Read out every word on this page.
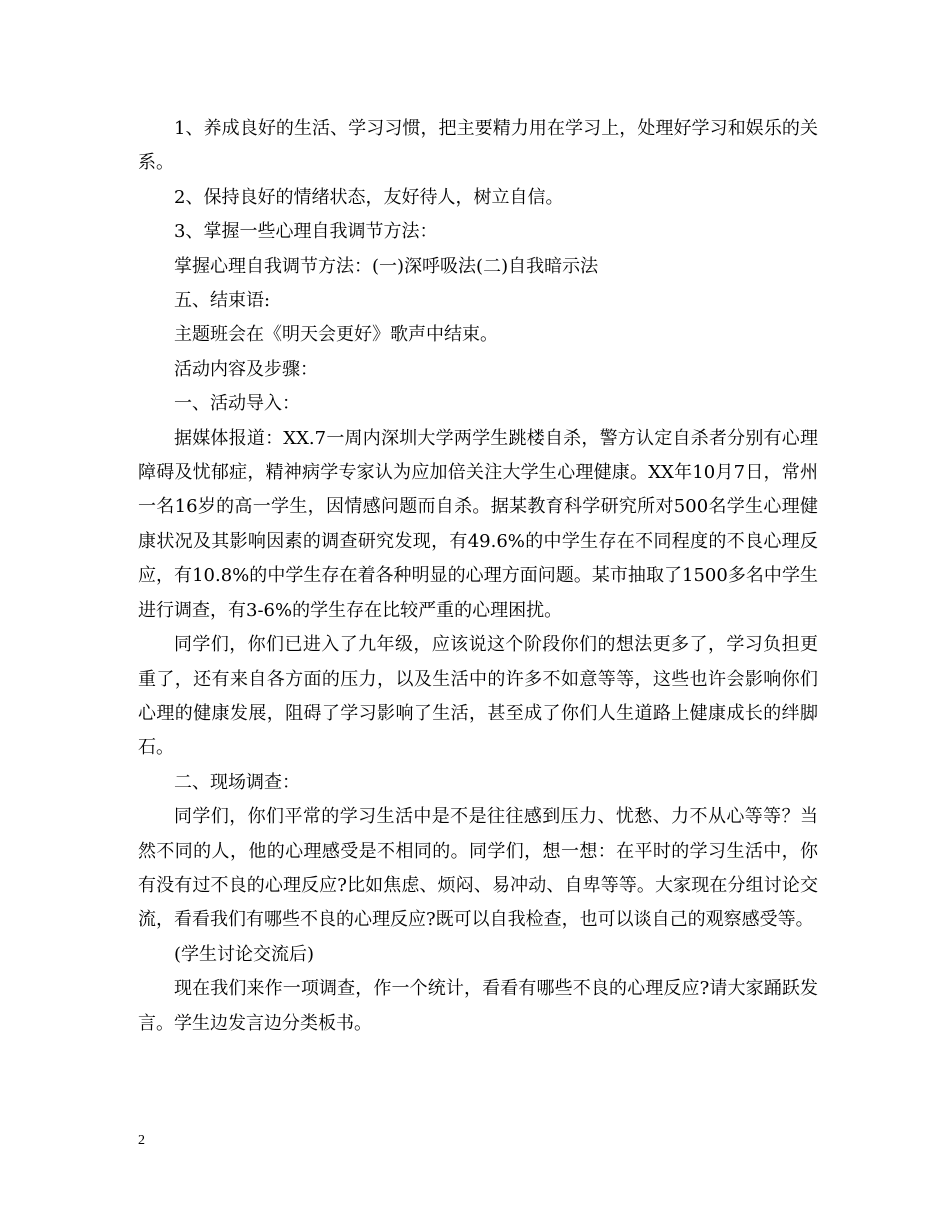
1、养成良好的生活、学习习惯，把主要精力用在学习上，处理好学习和娱乐的关系。

2、保持良好的情绪状态，友好待人，树立自信。

3、掌握一些心理自我调节方法：

掌握心理自我调节方法：(一)深呼吸法(二)自我暗示法

五、结束语:

主题班会在《明天会更好》歌声中结束。

活动内容及步骤：

一、活动导入：

据媒体报道：XX.7一周内深圳大学两学生跳楼自杀，警方认定自杀者分别有心理障碍及忧郁症，精神病学专家认为应加倍关注大学生心理健康。XX年10月7日，常州一名16岁的高一学生，因情感问题而自杀。据某教育科学研究所对500名学生心理健康状况及其影响因素的调查研究发现，有49.6%的中学生存在不同程度的不良心理反应，有10.8%的中学生存在着各种明显的心理方面问题。某市抽取了1500多名中学生进行调查，有3-6%的学生存在比较严重的心理困扰。

同学们，你们已进入了九年级，应该说这个阶段你们的想法更多了，学习负担更重了，还有来自各方面的压力，以及生活中的许多不如意等等，这些也许会影响你们心理的健康发展，阻碍了学习影响了生活，甚至成了你们人生道路上健康成长的绊脚石。

二、现场调查：

同学们，你们平常的学习生活中是不是往往感到压力、忧愁、力不从心等等？当然不同的人，他的心理感受是不相同的。同学们，想一想：在平时的学习生活中，你有没有过不良的心理反应?比如焦虑、烦闷、易冲动、自卑等等。大家现在分组讨论交流，看看我们有哪些不良的心理反应?既可以自我检查，也可以谈自己的观察感受等。

(学生讨论交流后)

现在我们来作一项调查，作一个统计，看看有哪些不良的心理反应?请大家踊跃发言。学生边发言边分类板书。

2
